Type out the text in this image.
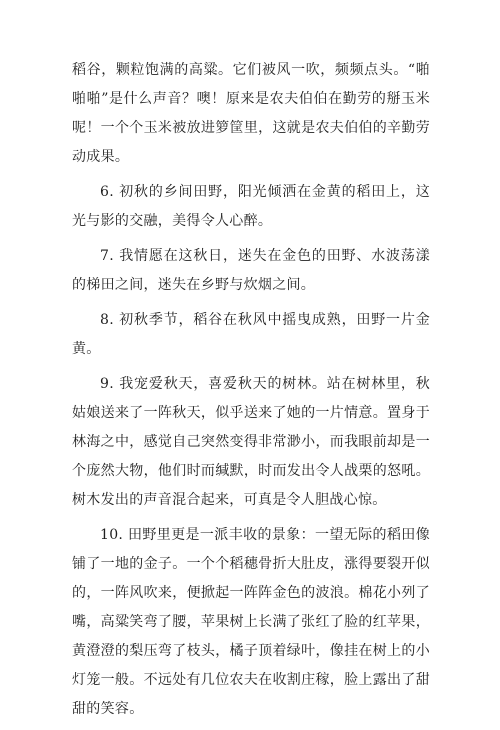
稻谷，颗粒饱满的高粱。它们被风一吹，频频点头。“啪啪啪”是什么声音？噢！原来是农夫伯伯在勤劳的掰玉米呢！一个个玉米被放进箩筐里，这就是农夫伯伯的辛勤劳动成果。

6. 初秋的乡间田野，阳光倾洒在金黄的稻田上，这光与影的交融，美得令人心醉。

7. 我情愿在这秋日，迷失在金色的田野、水波荡漾的梯田之间，迷失在乡野与炊烟之间。

8. 初秋季节，稻谷在秋风中摇曳成熟，田野一片金黄。

9. 我宠爱秋天，喜爱秋天的树林。站在树林里，秋姑娘送来了一阵秋天，似乎送来了她的一片情意。置身于林海之中，感觉自己突然变得非常渺小，而我眼前却是一个庞然大物，他们时而缄默，时而发出令人战栗的怒吼。树木发出的声音混合起来，可真是令人胆战心惊。

10. 田野里更是一派丰收的景象：一望无际的稻田像铺了一地的金子。一个个稻穗骨折大肚皮，涨得要裂开似的，一阵风吹来，便掀起一阵阵金色的波浪。棉花小列了嘴，高粱笑弯了腰，苹果树上长满了张红了脸的红苹果，黄澄澄的梨压弯了枝头，橘子顶着绿叶，像挂在树上的小灯笼一般。不远处有几位农夫在收割庄稼，脸上露出了甜甜的笑容。
